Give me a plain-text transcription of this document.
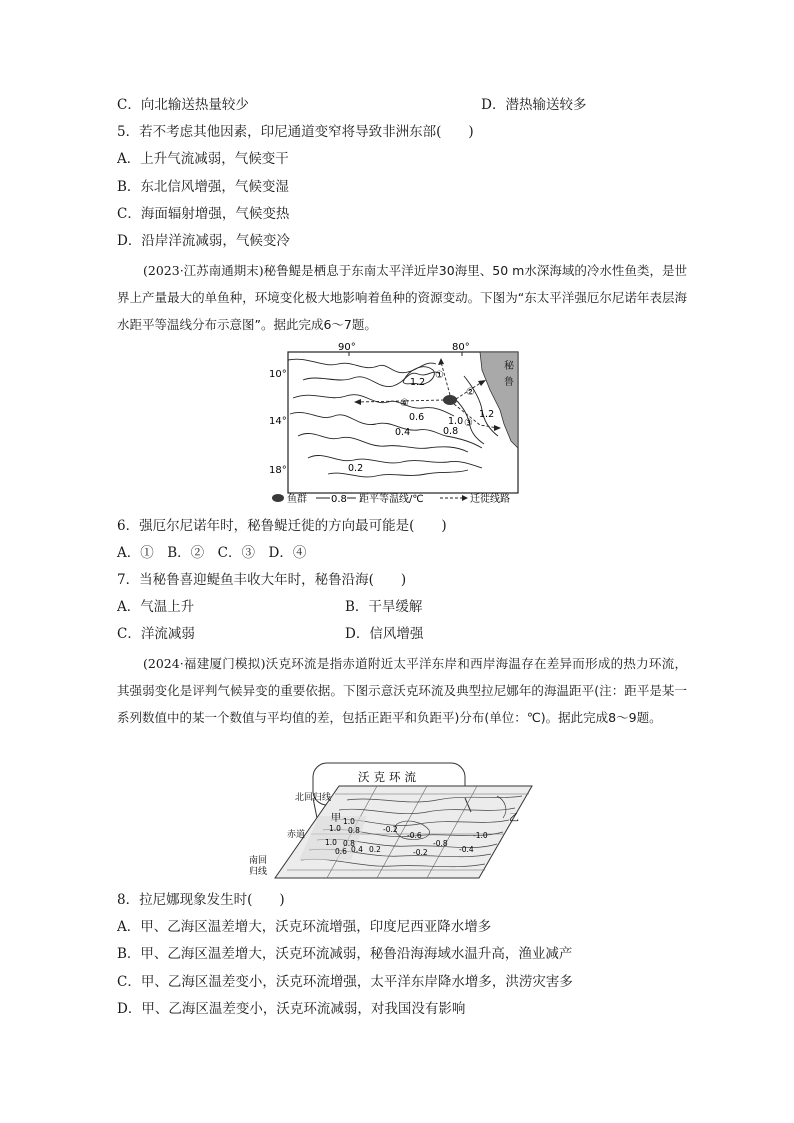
C．向北输送热量较少	D．潜热输送较多
5．若不考虑其他因素，印尼通道变窄将导致非洲东部(　　)
A．上升气流减弱，气候变干
B．东北信风增强，气候变湿
C．海面辐射增强，气候变热
D．沿岸洋流减弱，气候变冷
(2023·江苏南通期末)秘鲁鳀是栖息于东南太平洋近岸30海里、50 m水深海域的冷水性鱼类，是世界上产量最大的单鱼种，环境变化极大地影响着鱼种的资源变动。下图为“东太平洋强厄尔尼诺年表层海水距平等温线分布示意图”。据此完成6～7题。
秘
鲁
90°	80°
10°
14°
18°
1.2
1.2
1.0
0.8
0.6
0.4
0.2
①
②
③
④
鱼群 0.8 距平等温线/℃	迁徙线路
6．强厄尔尼诺年时，秘鲁鳀迁徙的方向最可能是(　　)
A．①　B．②　C．③　D．④
7．当秘鲁喜迎鳀鱼丰收大年时，秘鲁沿海(　　)
A．气温上升	B．干旱缓解
C．洋流减弱	D．信风增强
(2024·福建厦门模拟)沃克环流是指赤道附近太平洋东岸和西岸海温存在差异而形成的热力环流，其强弱变化是评判气候异变的重要依据。下图示意沃克环流及典型拉尼娜年的海温距平(注：距平是某一系列数值中的某一个数值与平均值的差，包括正距平和负距平)分布(单位：℃)。据此完成8～9题。
沃克环流
甲	乙
北回归线
赤道
南回
归线
1.0
1.0 0.8
1.0 0.8
0.6 0.4 0.2
-0.6
-0.8
-1.0
-0.2	-0.4
-0.2
8．拉尼娜现象发生时(　　)
A．甲、乙海区温差增大，沃克环流增强，印度尼西亚降水增多
B．甲、乙海区温差增大，沃克环流减弱，秘鲁沿海海域水温升高，渔业减产
C．甲、乙海区温差变小，沃克环流增强，太平洋东岸降水增多，洪涝灾害多
D．甲、乙海区温差变小，沃克环流减弱，对我国没有影响
